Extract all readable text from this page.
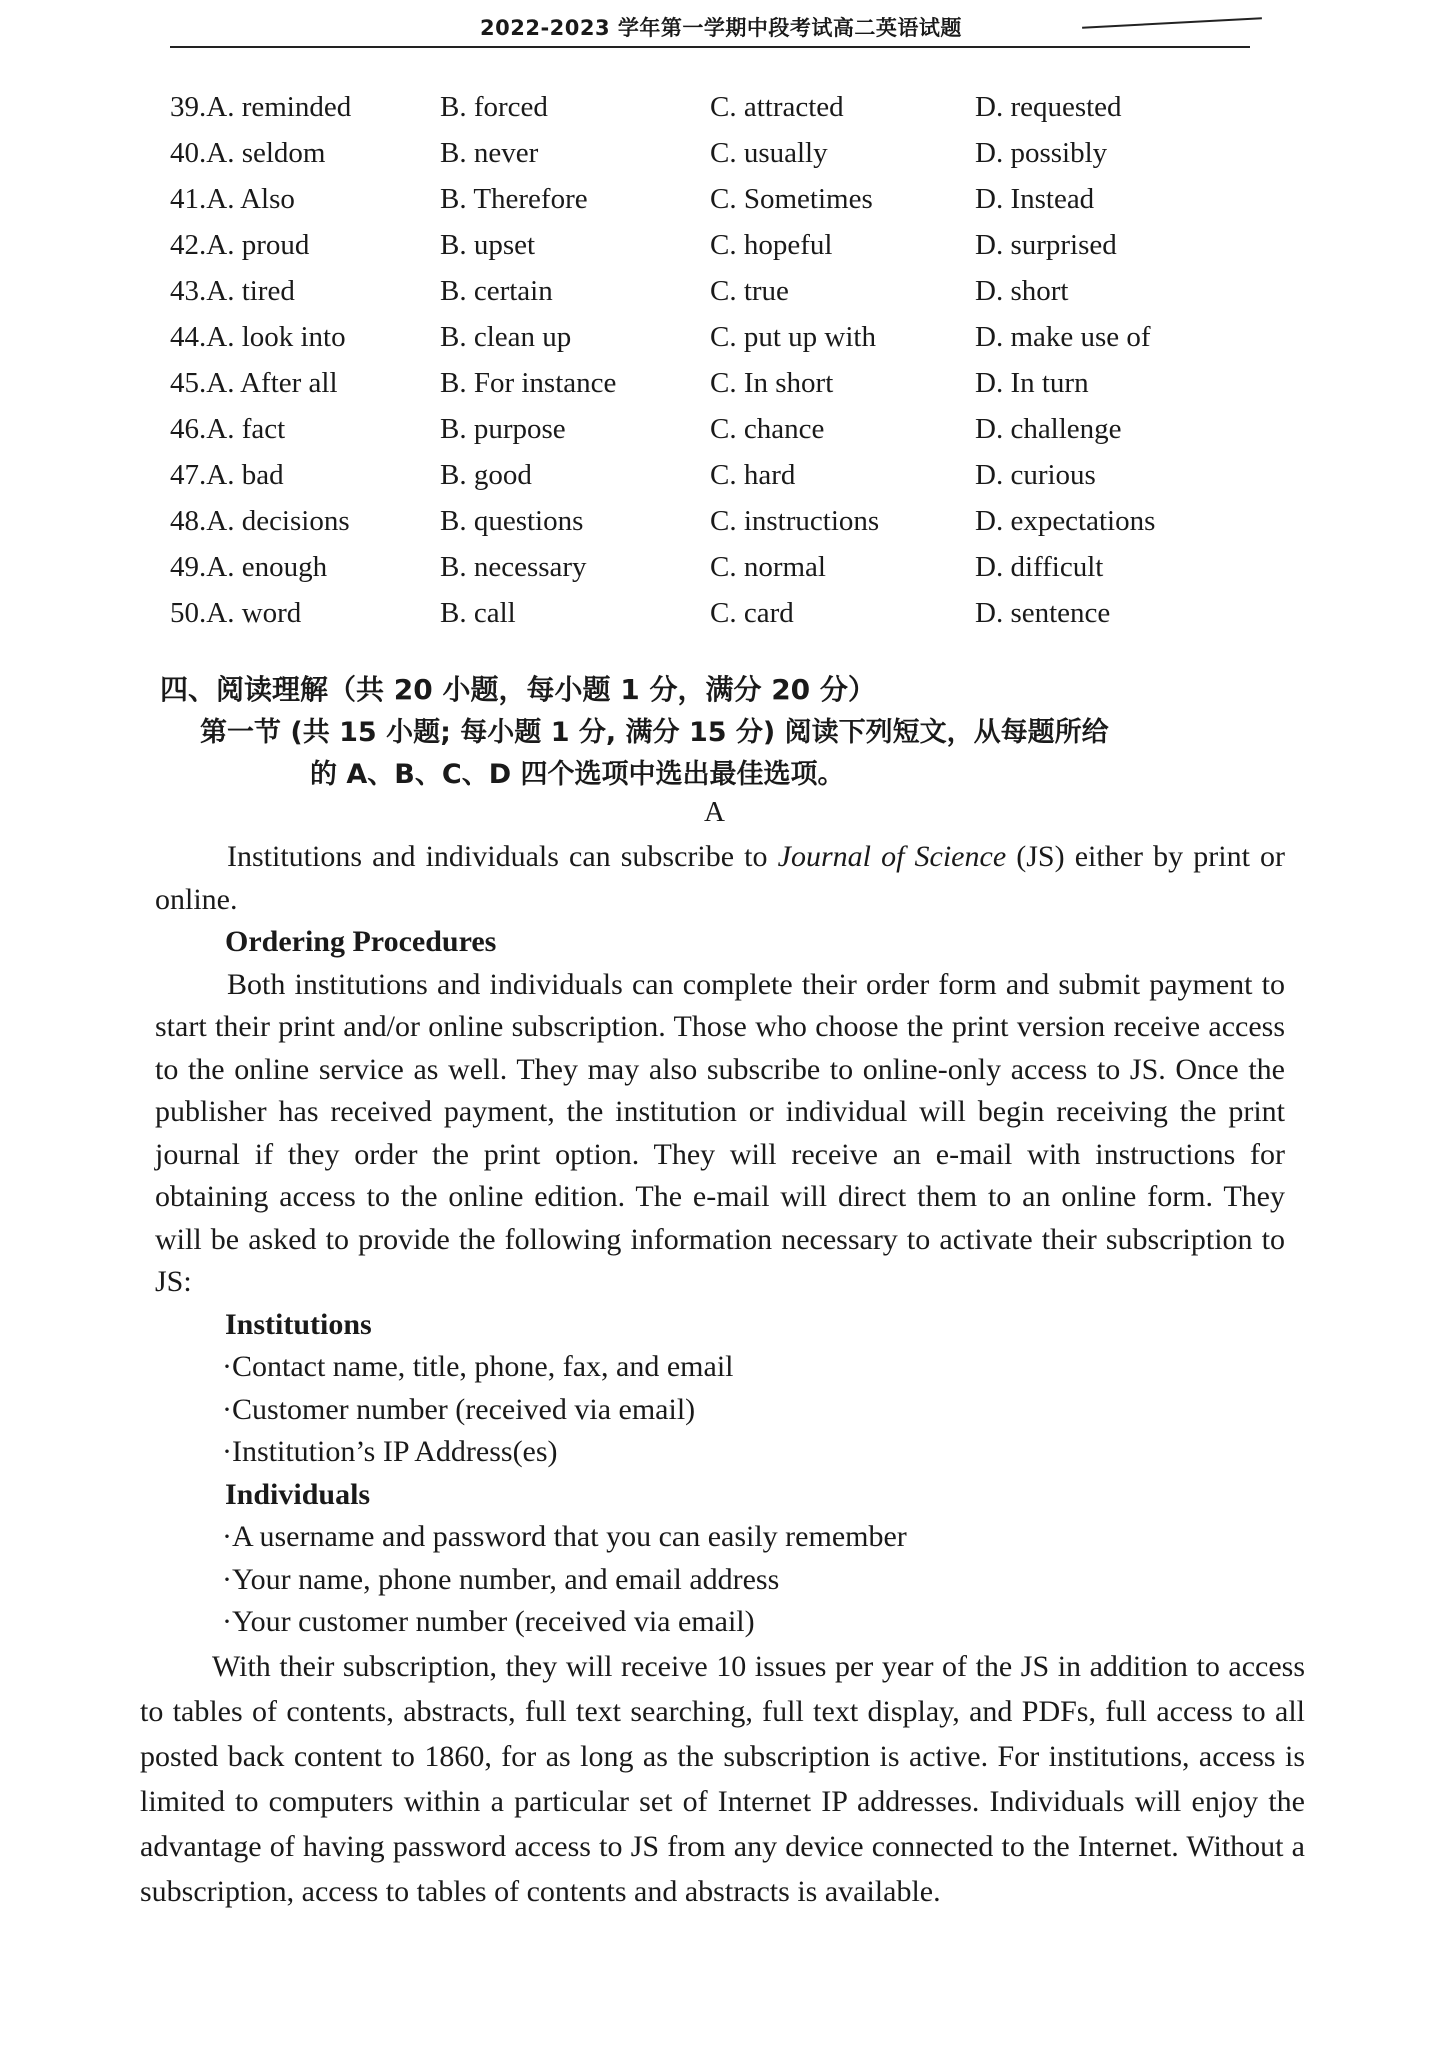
2022-2023 学年第一学期中段考试高二英语试题
39.A. reminded	B. forced	C. attracted	D. requested
40.A. seldom	B. never	C. usually	D. possibly
41.A. Also	B. Therefore	C. Sometimes	D. Instead
42.A. proud	B. upset	C. hopeful	D. surprised
43.A. tired	B. certain	C. true	D. short
44.A. look into	B. clean up	C. put up with	D. make use of
45.A. After all	B. For instance	C. In short	D. In turn
46.A. fact	B. purpose	C. chance	D. challenge
47.A. bad	B. good	C. hard	D. curious
48.A. decisions	B. questions	C. instructions	D. expectations
49.A. enough	B. necessary	C. normal	D. difficult
50.A. word	B. call	C. card	D. sentence
四、阅读理解（共 20 小题，每小题 1 分，满分 20 分）
第一节 (共 15 小题; 每小题 1 分, 满分 15 分) 阅读下列短文，从每题所给
的 A、B、C、D 四个选项中选出最佳选项。
A

Institutions and individuals can subscribe to Journal of Science (JS) either by print or online.

Ordering Procedures

Both institutions and individuals can complete their order form and submit payment to start their print and/or online subscription. Those who choose the print version receive access to the online service as well. They may also subscribe to online-only access to JS. Once the publisher has received payment, the institution or individual will begin receiving the print journal if they order the print option. They will receive an e-mail with instructions for obtaining access to the online edition. The e-mail will direct them to an online form. They will be asked to provide the following information necessary to activate their subscription to JS:

Institutions

·Contact name, title, phone, fax, and email

·Customer number (received via email)

·Institution’s IP Address(es)

Individuals

·A username and password that you can easily remember

·Your name, phone number, and email address

·Your customer number (received via email)

With their subscription, they will receive 10 issues per year of the JS in addition to access to tables of contents, abstracts, full text searching, full text display, and PDFs, full access to all posted back content to 1860, for as long as the subscription is active. For institutions, access is limited to computers within a particular set of Internet IP addresses. Individuals will enjoy the advantage of having password access to JS from any device connected to the Internet. Without a subscription, access to tables of contents and abstracts is available.
